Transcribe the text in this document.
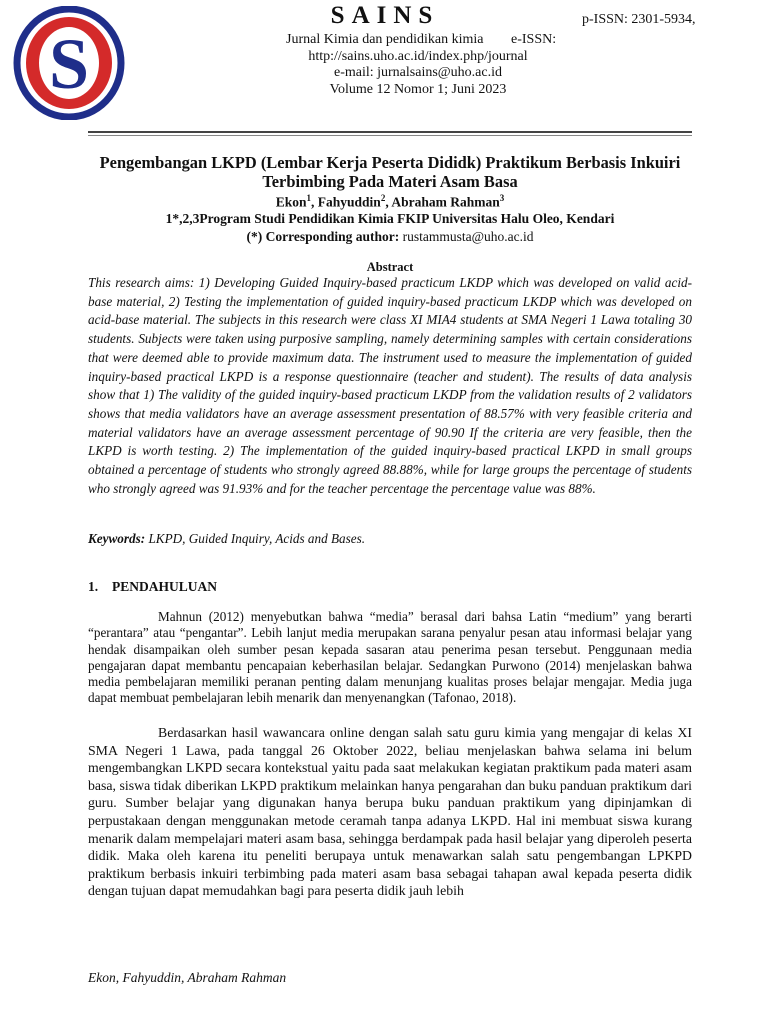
S
SAINS	p-ISSN: 2301-5934,
Jurnal Kimia dan pendidikan kimia e-ISSN:
http://sains.uho.ac.id/index.php/journal
e-mail: jurnalsains@uho.ac.id
Volume 12 Nomor 1; Juni 2023
Pengembangan LKPD (Lembar Kerja Peserta Dididk) Praktikum Berbasis Inkuiri Terbimbing Pada Materi Asam Basa
Ekon$^1$, Fahyuddin$^2$, Abraham Rahman$^3$
1*,2,3Program Studi Pendidikan Kimia FKIP Universitas Halu Oleo, Kendari
(*) Corresponding author: rustammusta@uho.ac.id
Abstract
This research aims: 1) Developing Guided Inquiry-based practicum LKDP which was developed on valid acid-base material, 2) Testing the implementation of guided inquiry-based practicum LKDP which was developed on acid-base material. The subjects in this research were class XI MIA4 students at SMA Negeri 1 Lawa totaling 30 students. Subjects were taken using purposive sampling, namely determining samples with certain considerations that were deemed able to provide maximum data. The instrument used to measure the implementation of guided inquiry-based practical LKPD is a response questionnaire (teacher and student). The results of data analysis show that 1) The validity of the guided inquiry-based practicum LKDP from the validation results of 2 validators shows that media validators have an average assessment presentation of 88.57% with very feasible criteria and material validators have an average assessment percentage of 90.90 If the criteria are very feasible, then the LKPD is worth testing. 2) The implementation of the guided inquiry-based practical LKPD in small groups obtained a percentage of students who strongly agreed 88.88%, while for large groups the percentage of students who strongly agreed was 91.93% and for the teacher percentage the percentage value was 88%.
Keywords: LKPD, Guided Inquiry, Acids and Bases.
1. PENDAHULUAN

Mahnun (2012) menyebutkan bahwa “media” berasal dari bahsa Latin “medium” yang berarti “perantara” atau “pengantar”. Lebih lanjut media merupakan sarana penyalur pesan atau informasi belajar yang hendak disampaikan oleh sumber pesan kepada sasaran atau penerima pesan tersebut. Penggunaan media pengajaran dapat membantu pencapaian keberhasilan belajar. Sedangkan Purwono (2014) menjelaskan bahwa media pembelajaran memiliki peranan penting dalam menunjang kualitas proses belajar mengajar. Media juga dapat membuat pembelajaran lebih menarik dan menyenangkan (Tafonao, 2018).

Berdasarkan hasil wawancara online dengan salah satu guru kimia yang mengajar di kelas XI SMA Negeri 1 Lawa, pada tanggal 26 Oktober 2022, beliau menjelaskan bahwa selama ini belum mengembangkan LKPD secara kontekstual yaitu pada saat melakukan kegiatan praktikum pada materi asam basa, siswa tidak diberikan LKPD praktikum melainkan hanya pengarahan dan buku panduan praktikum dari guru. Sumber belajar yang digunakan hanya berupa buku panduan praktikum yang dipinjamkan di perpustakaan dengan menggunakan metode ceramah tanpa adanya LKPD. Hal ini membuat siswa kurang menarik dalam mempelajari materi asam basa, sehingga berdampak pada hasil belajar yang diperoleh peserta didik. Maka oleh karena itu peneliti berupaya untuk menawarkan salah satu pengembangan LPKPD praktikum berbasis inkuiri terbimbing pada materi asam basa sebagai tahapan awal kepada peserta didik dengan tujuan dapat memudahkan bagi para peserta didik jauh lebih

Ekon, Fahyuddin, Abraham Rahman
